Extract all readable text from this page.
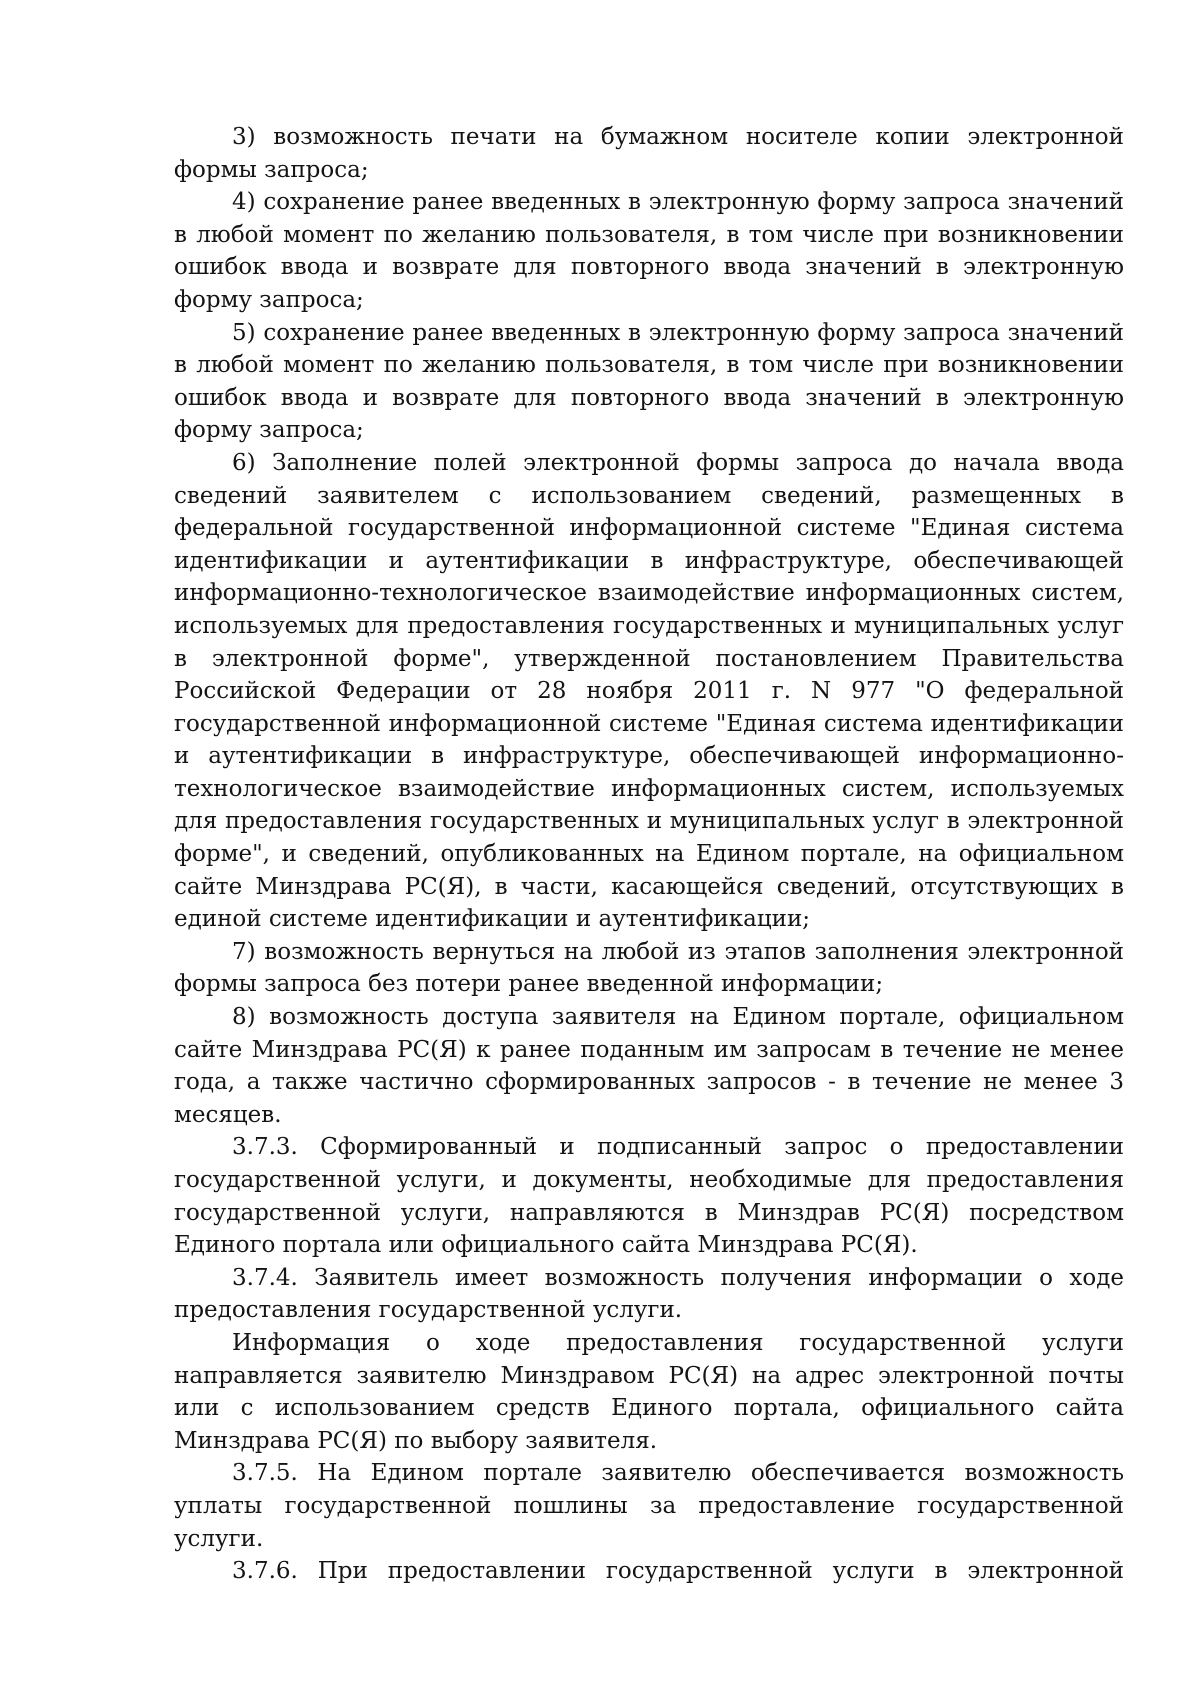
3) возможность печати на бумажном носителе копии электронной формы запроса;

4) сохранение ранее введенных в электронную форму запроса значений в любой момент по желанию пользователя, в том числе при возникновении ошибок ввода и возврате для повторного ввода значений в электронную форму запроса;

5) сохранение ранее введенных в электронную форму запроса значений в любой момент по желанию пользователя, в том числе при возникновении ошибок ввода и возврате для повторного ввода значений в электронную форму запроса;

6) Заполнение полей электронной формы запроса до начала ввода сведений заявителем с использованием сведений, размещенных в федеральной государственной информационной системе "Единая система идентификации и аутентификации в инфраструктуре, обеспечивающей информационно-технологическое взаимодействие информационных систем, используемых для предоставления государственных и муниципальных услуг в электронной форме", утвержденной постановлением Правительства Российской Федерации от 28 ноября 2011 г. N 977 "О федеральной государственной информационной системе "Единая система идентификации и аутентификации в инфраструктуре, обеспечивающей информационно-технологическое взаимодействие информационных систем, используемых для предоставления государственных и муниципальных услуг в электронной форме", и сведений, опубликованных на Едином портале, на официальном сайте Минздрава РС(Я), в части, касающейся сведений, отсутствующих в единой системе идентификации и аутентификации;

7) возможность вернуться на любой из этапов заполнения электронной формы запроса без потери ранее введенной информации;

8) возможность доступа заявителя на Едином портале, официальном сайте Минздрава РС(Я) к ранее поданным им запросам в течение не менее года, а также частично сформированных запросов - в течение не менее 3 месяцев.

3.7.3. Сформированный и подписанный запрос о предоставлении государственной услуги, и документы, необходимые для предоставления государственной услуги, направляются в Минздрав РС(Я) посредством Единого портала или официального сайта Минздрава РС(Я).

3.7.4. Заявитель имеет возможность получения информации о ходе предоставления государственной услуги.

Информация о ходе предоставления государственной услуги направляется заявителю Минздравом РС(Я) на адрес электронной почты или с использованием средств Единого портала, официального сайта Минздрава РС(Я) по выбору заявителя.

3.7.5. На Едином портале заявителю обеспечивается возможность уплаты государственной пошлины за предоставление государственной услуги.

3.7.6. При предоставлении государственной услуги в электронной
